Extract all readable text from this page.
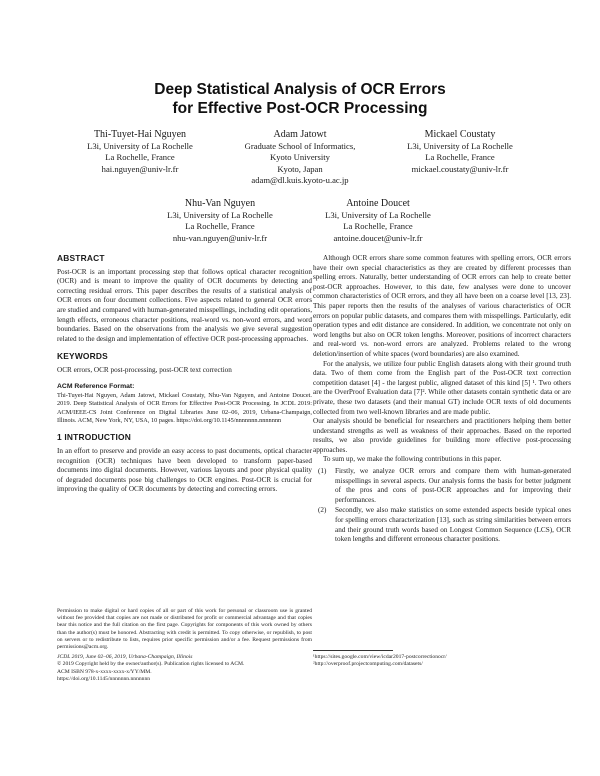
Deep Statistical Analysis of OCR Errors
for Effective Post-OCR Processing
Thi-Tuyet-Hai Nguyen
L3i, University of La Rochelle
La Rochelle, France
hai.nguyen@univ-lr.fr
Adam Jatowt
Graduate School of Informatics,
Kyoto University
Kyoto, Japan
adam@dl.kuis.kyoto-u.ac.jp
Mickael Coustaty
L3i, University of La Rochelle
La Rochelle, France
mickael.coustaty@univ-lr.fr
Nhu-Van Nguyen
L3i, University of La Rochelle
La Rochelle, France
nhu-van.nguyen@univ-lr.fr
Antoine Doucet
L3i, University of La Rochelle
La Rochelle, France
antoine.doucet@univ-lr.fr
ABSTRACT

Post-OCR is an important processing step that follows optical character recognition (OCR) and is meant to improve the quality of OCR documents by detecting and correcting residual errors. This paper describes the results of a statistical analysis of OCR errors on four document collections. Five aspects related to general OCR errors are studied and compared with human-generated misspellings, including edit operations, length effects, erroneous character positions, real-word vs. non-word errors, and word boundaries. Based on the observations from the analysis we give several suggestion related to the design and implementation of effective OCR post-processing approaches.

KEYWORDS

OCR errors, OCR post-processing, post-OCR text correction

ACM Reference Format:

Thi-Tuyet-Hai Nguyen, Adam Jatowt, Mickael Coustaty, Nhu-Van Nguyen, and Antoine Doucet. 2019. Deep Statistical Analysis of OCR Errors for Effective Post-OCR Processing. In JCDL 2019: ACM/IEEE-CS Joint Conference on Digital Libraries June 02–06, 2019, Urbana-Champaign, Illinois. ACM, New York, NY, USA, 10 pages. https://doi.org/10.1145/nnnnnnn.nnnnnnn

1 INTRODUCTION

In an effort to preserve and provide an easy access to past documents, optical character recognition (OCR) techniques have been developed to transform paper-based documents into digital documents. However, various layouts and poor physical quality of degraded documents pose big challenges to OCR engines. Post-OCR is crucial for improving the quality of OCR documents by detecting and correcting errors.

Permission to make digital or hard copies of all or part of this work for personal or classroom use is granted without fee provided that copies are not made or distributed for profit or commercial advantage and that copies bear this notice and the full citation on the first page. Copyrights for components of this work owned by others than the author(s) must be honored. Abstracting with credit is permitted. To copy otherwise, or republish, to post on servers or to redistribute to lists, requires prior specific permission and/or a fee. Request permissions from permissions@acm.org.

JCDL 2019, June 02–06, 2019, Urbana-Champaign, Illinois
© 2019 Copyright held by the owner/author(s). Publication rights licensed to ACM.
ACM ISBN 978-x-xxxx-xxxx-x/YY/MM.
https://doi.org/10.1145/nnnnnnn.nnnnnnn

Although OCR errors share some common features with spelling errors, OCR errors have their own special characteristics as they are created by different processes than spelling errors. Naturally, better understanding of OCR errors can help to create better post-OCR approaches. However, to this date, few analyses were done to uncover common characteristics of OCR errors, and they all have been on a coarse level [13, 23]. This paper reports then the results of the analyses of various characteristics of OCR errors on popular public datasets, and compares them with misspellings. Particularly, edit operation types and edit distance are considered. In addition, we concentrate not only on word lengths but also on OCR token lengths. Moreover, positions of incorrect characters and real-word vs. non-word errors are analyzed. Problems related to the wrong deletion/insertion of white spaces (word boundaries) are also examined.

For the analysis, we utilize four public English datasets along with their ground truth data. Two of them come from the English part of the Post-OCR text correction competition dataset [4] - the largest public, aligned dataset of this kind [5] ¹. Two others are the OverProof Evaluation data [7]². While other datasets contain synthetic data or are private, these two datasets (and their manual GT) include OCR texts of old documents collected from two well-known libraries and are made public.

Our analysis should be beneficial for researchers and practitioners helping them better understand strengths as well as weakness of their approaches. Based on the reported results, we also provide guidelines for building more effective post-processing approaches.

To sum up, we make the following contributions in this paper.

(1) Firstly, we analyze OCR errors and compare them with human-generated misspellings in several aspects. Our analysis forms the basis for better judgment of the pros and cons of post-OCR approaches and for improving their performances.
(2) Secondly, we also make statistics on some extended aspects beside typical ones for spelling errors characterization [13], such as string similarities between errors and their ground truth words based on Longest Common Sequence (LCS), OCR token lengths and different erroneous character positions.
¹https://sites.google.com/view/icdar2017-postcorrectionocr/
²http://overproof.projectcomputing.com/datasets/
